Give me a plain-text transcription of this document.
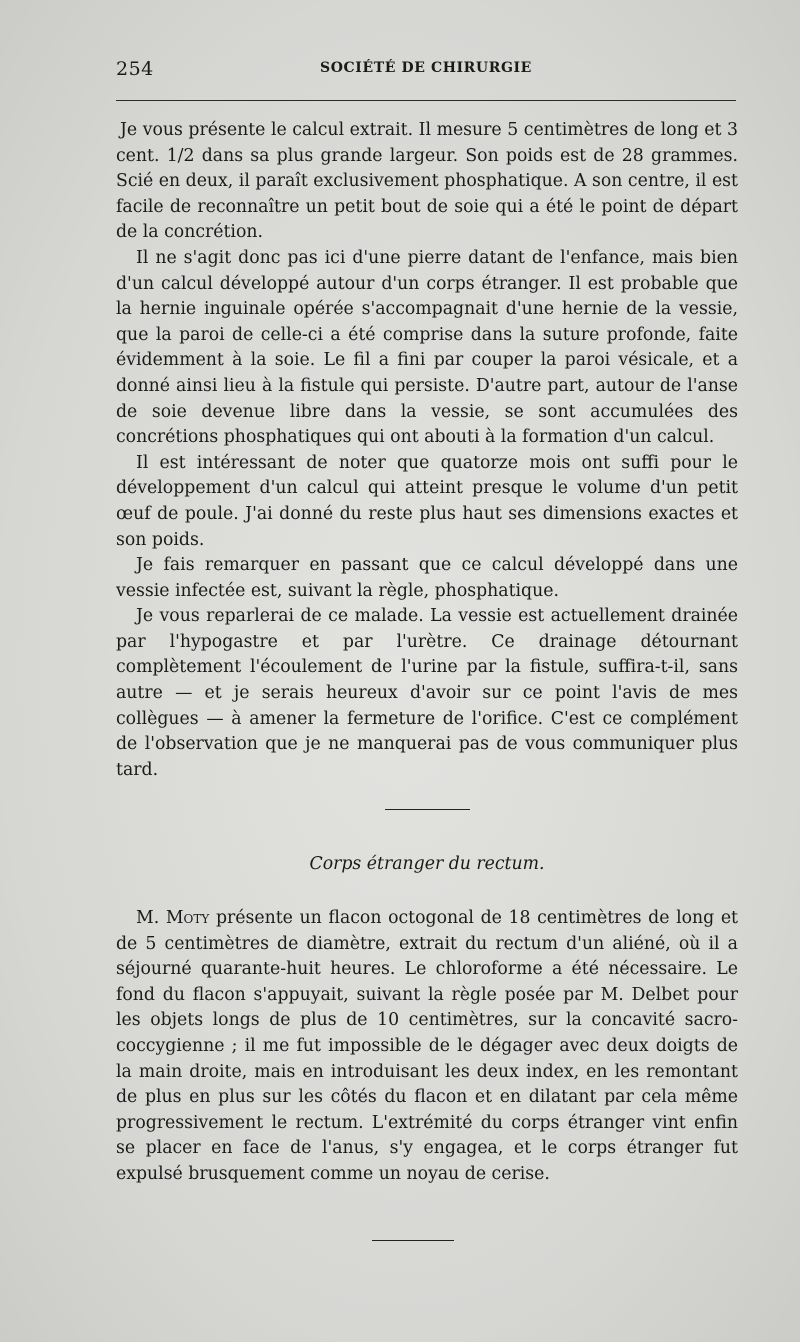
254	SOCIÉTÉ DE CHIRURGIE

Je vous présente le calcul extrait. Il mesure 5 centimètres de long et 3 cent. 1/2 dans sa plus grande largeur. Son poids est de 28 grammes. Scié en deux, il paraît exclusivement phosphatique. A son centre, il est facile de reconnaître un petit bout de soie qui a été le point de départ de la concrétion.

Il ne s'agit donc pas ici d'une pierre datant de l'enfance, mais bien d'un calcul développé autour d'un corps étranger. Il est probable que la hernie inguinale opérée s'accompagnait d'une hernie de la vessie, que la paroi de celle-ci a été comprise dans la suture profonde, faite évidemment à la soie. Le fil a fini par couper la paroi vésicale, et a donné ainsi lieu à la fistule qui persiste. D'autre part, autour de l'anse de soie devenue libre dans la vessie, se sont accumulées des concrétions phosphatiques qui ont abouti à la formation d'un calcul.

Il est intéressant de noter que quatorze mois ont suffi pour le développement d'un calcul qui atteint presque le volume d'un petit œuf de poule. J'ai donné du reste plus haut ses dimensions exactes et son poids.

Je fais remarquer en passant que ce calcul développé dans une vessie infectée est, suivant la règle, phosphatique.

Je vous reparlerai de ce malade. La vessie est actuellement drainée par l'hypogastre et par l'urètre. Ce drainage détournant complètement l'écoulement de l'urine par la fistule, suffira-t-il, sans autre — et je serais heureux d'avoir sur ce point l'avis de mes collègues — à amener la fermeture de l'orifice. C'est ce complément de l'observation que je ne manquerai pas de vous communiquer plus tard.

Corps étranger du rectum.

M. Moty présente un flacon octogonal de 18 centimètres de long et de 5 centimètres de diamètre, extrait du rectum d'un aliéné, où il a séjourné quarante-huit heures. Le chloroforme a été nécessaire. Le fond du flacon s'appuyait, suivant la règle posée par M. Delbet pour les objets longs de plus de 10 centimètres, sur la concavité sacro-coccygienne ; il me fut impossible de le dégager avec deux doigts de la main droite, mais en introduisant les deux index, en les remontant de plus en plus sur les côtés du flacon et en dilatant par cela même progressivement le rectum. L'extrémité du corps étranger vint enfin se placer en face de l'anus, s'y engagea, et le corps étranger fut expulsé brusquement comme un noyau de cerise.
